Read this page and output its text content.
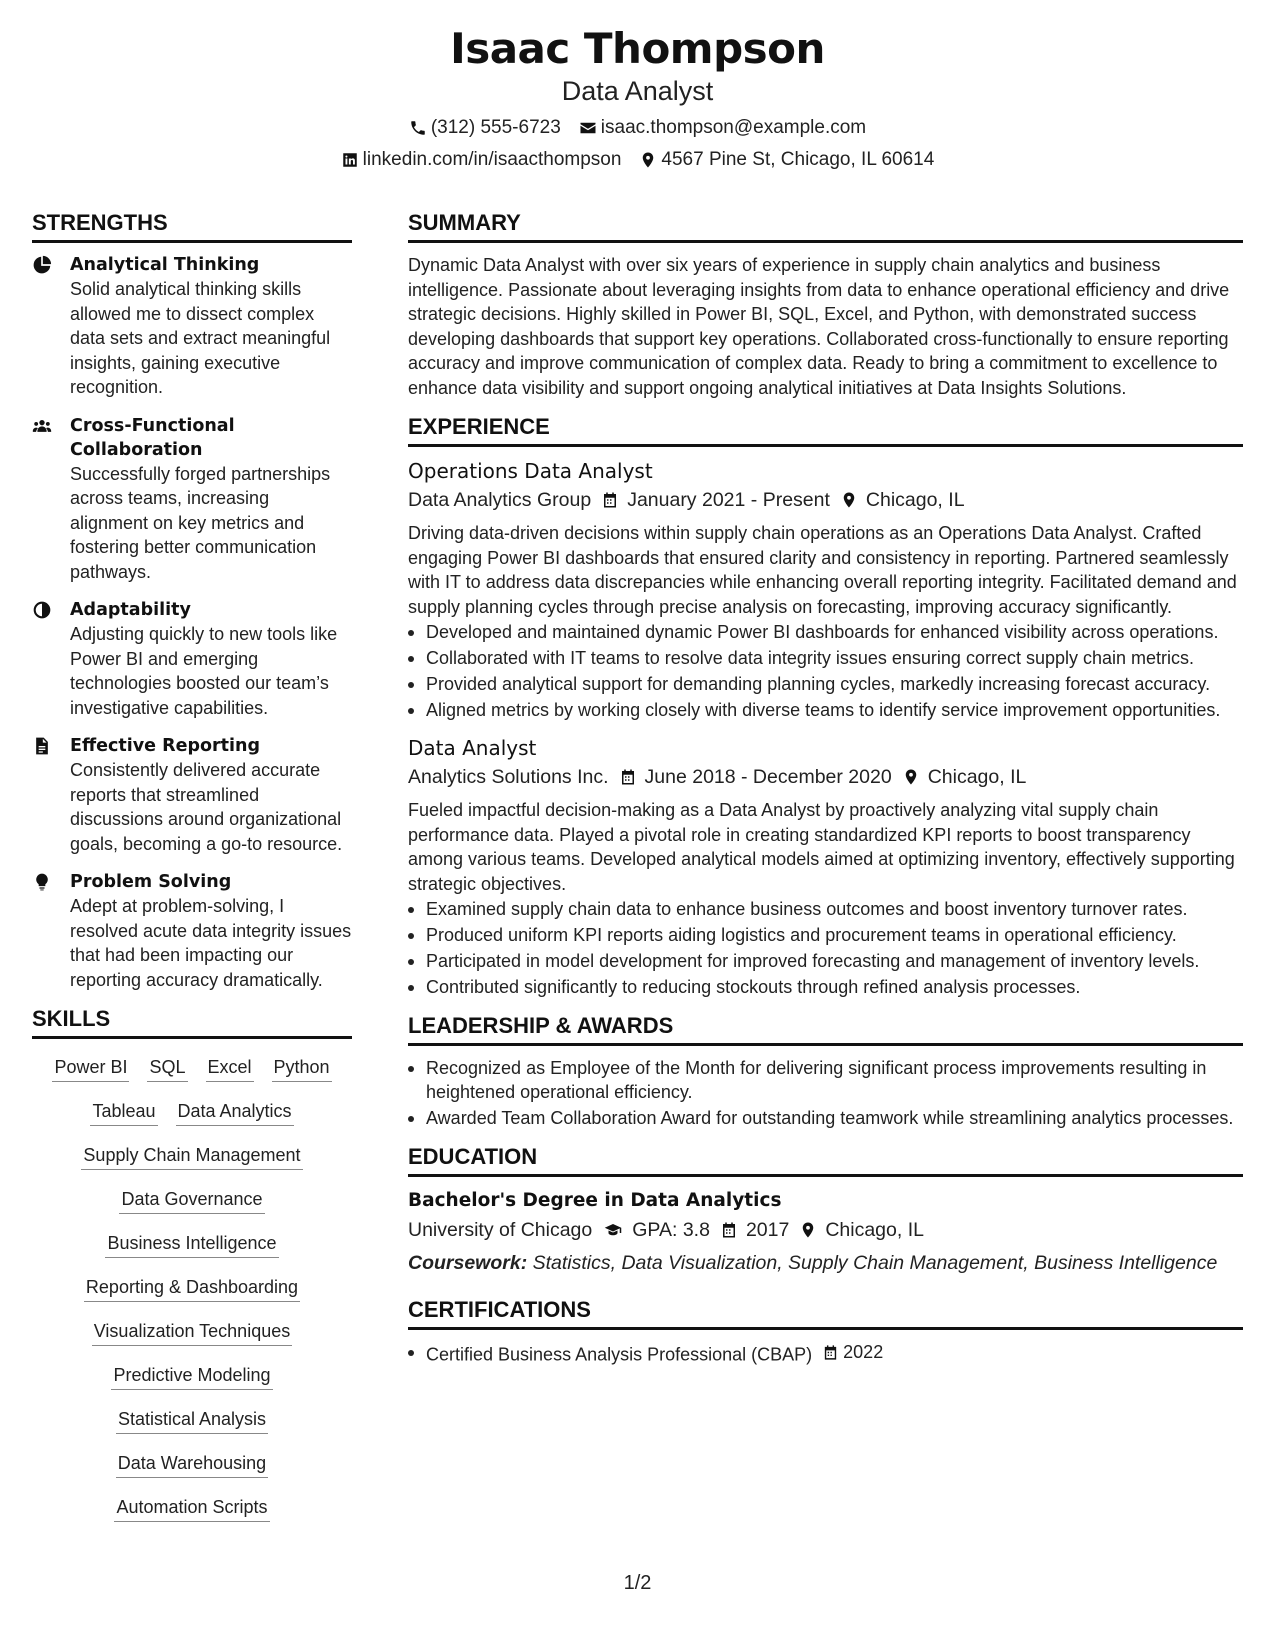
Isaac Thompson
Data Analyst
(312) 555-6723 isaac.thompson@example.com
linkedin.com/in/isaacthompson 4567 Pine St, Chicago, IL 60614
STRENGTHS
Analytical Thinking
Solid analytical thinking skills allowed me to dissect complex data sets and extract meaningful insights, gaining executive recognition.
Cross-Functional Collaboration
Successfully forged partnerships across teams, increasing alignment on key metrics and fostering better communication pathways.
Adaptability
Adjusting quickly to new tools like Power BI and emerging technologies boosted our team’s investigative capabilities.
Effective Reporting
Consistently delivered accurate reports that streamlined discussions around organizational goals, becoming a go-to resource.
Problem Solving
Adept at problem-solving, I resolved acute data integrity issues that had been impacting our reporting accuracy dramatically.
SKILLS
Power BI SQL Excel Python
Tableau Data Analytics
Supply Chain Management
Data Governance
Business Intelligence
Reporting & Dashboarding
Visualization Techniques
Predictive Modeling
Statistical Analysis
Data Warehousing
Automation Scripts
SUMMARY
Dynamic Data Analyst with over six years of experience in supply chain analytics and business intelligence. Passionate about leveraging insights from data to enhance operational efficiency and drive strategic decisions. Highly skilled in Power BI, SQL, Excel, and Python, with demonstrated success developing dashboards that support key operations. Collaborated cross-functionally to ensure reporting accuracy and improve communication of complex data. Ready to bring a commitment to excellence to enhance data visibility and support ongoing analytical initiatives at Data Insights Solutions.
EXPERIENCE
Operations Data Analyst
Data Analytics Group January 2021 - Present Chicago, IL
Driving data-driven decisions within supply chain operations as an Operations Data Analyst. Crafted engaging Power BI dashboards that ensured clarity and consistency in reporting. Partnered seamlessly with IT to address data discrepancies while enhancing overall reporting integrity. Facilitated demand and supply planning cycles through precise analysis on forecasting, improving accuracy significantly.
Developed and maintained dynamic Power BI dashboards for enhanced visibility across operations.
Collaborated with IT teams to resolve data integrity issues ensuring correct supply chain metrics.
Provided analytical support for demanding planning cycles, markedly increasing forecast accuracy.
Aligned metrics by working closely with diverse teams to identify service improvement opportunities.
Data Analyst
Analytics Solutions Inc. June 2018 - December 2020 Chicago, IL
Fueled impactful decision-making as a Data Analyst by proactively analyzing vital supply chain performance data. Played a pivotal role in creating standardized KPI reports to boost transparency among various teams. Developed analytical models aimed at optimizing inventory, effectively supporting strategic objectives.
Examined supply chain data to enhance business outcomes and boost inventory turnover rates.
Produced uniform KPI reports aiding logistics and procurement teams in operational efficiency.
Participated in model development for improved forecasting and management of inventory levels.
Contributed significantly to reducing stockouts through refined analysis processes.
LEADERSHIP & AWARDS
Recognized as Employee of the Month for delivering significant process improvements resulting in heightened operational efficiency.
Awarded Team Collaboration Award for outstanding teamwork while streamlining analytics processes.
EDUCATION
Bachelor's Degree in Data Analytics
University of Chicago GPA: 3.8 2017 Chicago, IL
Coursework: Statistics, Data Visualization, Supply Chain Management, Business Intelligence
CERTIFICATIONS
Certified Business Analysis Professional (CBAP) 2022
1/2
